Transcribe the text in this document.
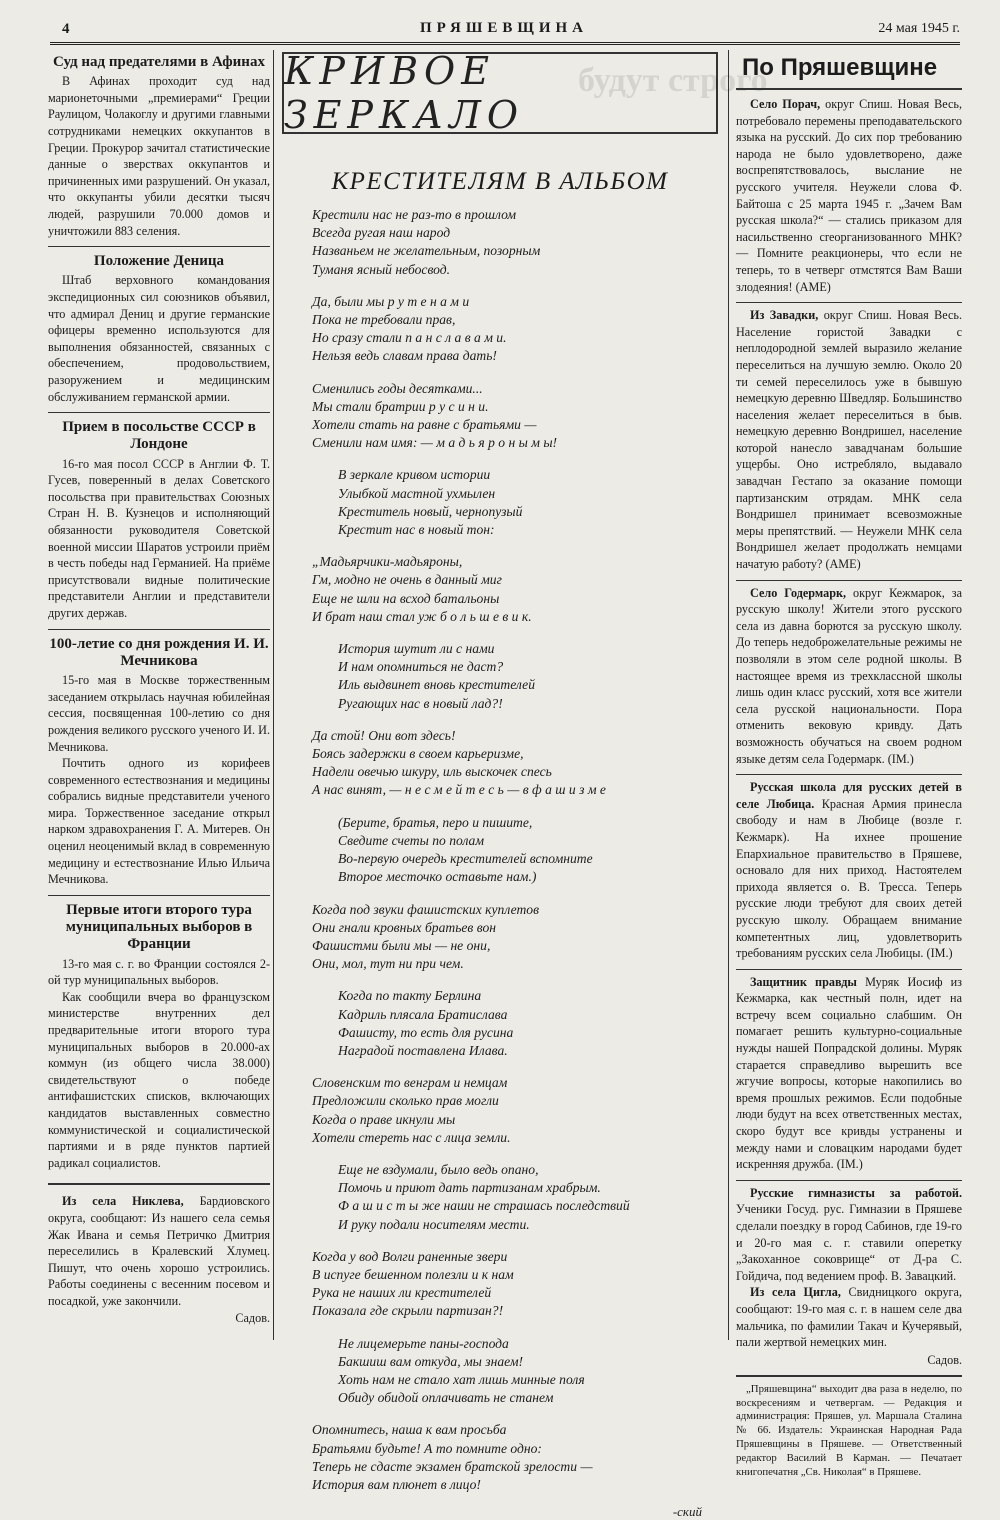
4	ПРЯШЕВЩИНА	24 мая 1945 г.
Суд над предателями в Афинах

В Афинах проходит суд над марионеточными „премиерами“ Греции Раулицом, Чолакоглу и другими главными сотрудниками немецких оккупантов в Греции. Прокурор зачитал статистические данные о зверствах оккупантов и причиненных ими разрушений. Он указал, что оккупанты убили десятки тысяч людей, разрушили 70.000 домов и уничтожили 883 селения.

Положение Деница

Штаб верховного командования экспедиционных сил союзников объявил, что адмирал Дениц и другие германские офицеры временно используются для выполнения обязанностей, связанных с обеспечением, продовольствием, разоружением и медицинским обслуживанием германской армии.

Прием в посольстве СССР в Лондоне

16-го мая посол СССР в Англии Ф. Т. Гусев, поверенный в делах Советского посольства при правительствах Союзных Стран Н. В. Кузнецов и исполняющий обязанности руководителя Советской военной миссии Шаратов устроили приём в честь победы над Германией. На приёме присутствовали видные политические представители Англии и представители других держав.

100-летие со дня рождения И. И. Мечникова

15-го мая в Москве торжественным заседанием открылась научная юбилейная сессия, посвященная 100-летию со дня рождения великого русского ученого И. И. Мечникова.

Почтить одного из корифеев современного естествознания и медицины собрались видные представители ученого мира. Торжественное заседание открыл нарком здравохранения Г. А. Митерев. Он оценил неоценимый вклад в современную медицину и естествознание Илью Ильича Мечникова.

Первые итоги второго тура муниципальных выборов в Франции

13-го мая с. г. во Франции состоялся 2-ой тур муниципальных выборов.

Как сообщили вчера во французском министерстве внутренних дел предварительные итоги второго тура муниципальных выборов в 20.000-ах коммун (из общего числа 38.000) свидетельствуют о победе антифашистских списков, включающих кандидатов выставленных совместно коммунистической и социалистической партиями и в ряде пунктов партией радикал социалистов.

Из села Никлева, Бардиовского округа, сообщают: Из нашего села семья Жак Ивана и семья Петричко Дмитрия переселились в Кралевский Хлумец. Пишут, что очень хорошо устроились. Работы соединены с весенним посевом и посадкой, уже закончили.

Садов.
будут строго
КРИВОЕ ЗЕРКАЛО
КРЕСТИТЕЛЯМ В АЛЬБОМ
Крестили нас не раз-то в прошлом
Всегда ругая наш народ
Названьем не желательным, позорным
Туманя ясный небосвод.
Да, были мы р у т е н а м и
Пока не требовали прав,
Но сразу стали п а н с л а в а м и.
Нельзя ведь славам права дать!
Сменились годы десятками...
Мы стали братрии р у с и н и.
Хотели стать на равне с братьями —
Сменили нам имя: — м а д ь я р о н ы м ы!
В зеркале кривом истории
Улыбкой мастной ухмылен
Креститель новый, чернопузый
Крестит нас в новый тон:
„Мадьярчики-мадьяроны,
Гм, модно не очень в данный миг
Еще не шли на всход батальоны
И брат наш стал уж б о л ь ш е в и к.
История шутит ли с нами
И нам опомниться не даст?
Иль выдвинет вновь крестителей
Ругающих нас в новый лад?!
Да стой! Они вот здесь!
Боясь задержки в своем карьеризме,
Надели овечью шкуру, иль выскочек спесь
А нас винят, — н е с м е й т е с ь — в ф а ш и з м е
(Берите, братья, перо и пишите,
Сведите счеты по полам
Во-первую очередь крестителей вспомните
Второе месточко оставьте нам.)
Когда под звуки фашистских куплетов
Они гнали кровных братьев вон
Фашистми были мы — не они,
Они, мол, тут ни при чем.
Когда по такту Берлина
Кадриль плясала Братислава
Фашисту, то есть для русина
Наградой поставлена Илава.
Словенским то венграм и немцам
Предложили сколько прав могли
Когда о праве икнули мы
Хотели стереть нас с лица земли.
Еще не вздумали, было ведь опано,
Помочь и приют дать партизанам храбрым.
Ф а ш и с т ы же наши не страшась последствий
И руку подали носителям мести.
Когда у вод Волги раненные звери
В испуге бешенном полезли и к нам
Рука не наших ли крестителей
Показала где скрыли партизан?!
Не лицемерьте паны-господа
Бакшиш вам откуда, мы знаем!
Хоть нам не стало хат лишь минные поля
Обиду обидой оплачивать не станем
Опомнитесь, наша к вам просьба
Братьями будьте! А то помните одно:
Теперь не сдасте экзамен братской зрелости —
История вам плюнет в лицо!
-ский
По Пряшевщине

Село Порач, округ Спиш. Новая Весь, потребовало перемены преподавательского языка на русский. До сих пор требованию народа не было удовлетворено, даже воспрепятствовалось, выслание не русского учителя. Неужели слова Ф. Байтоша с 25 марта 1945 г. „Зачем Вам русская школа?“ — стались приказом для насильственно сreoрганизованного МНК? — Помните реакционеры, что если не теперь, то в четверг отмстятся Вам Ваши злодеяния! (АМЕ)

Из Завадки, округ Спиш. Новая Весь. Население гористой Завадки с неплодородной землей выразило желание переселиться на лучшую землю. Около 20 ти семей переселилось уже в бывшую немецкую деревню Шведляр. Большинство населения желает переселиться в быв. немецкую деревню Вондришел, население которой нанесло завадчанам большие ущербы. Оно истребляло, выдавало завадчан Гестапо за оказание помощи партизанским отрядам. МНК села Вондришел принимает всевозможные меры препятствий. — Неужели МНК села Вондришел желает продолжать немцами начатую работу? (АМЕ)

Село Годермарк, округ Кежмарок, за русскую школу! Жители этого русского села из давна борются за русскую школу. До теперь недоброжелательные режимы не позволяли в этом селе родной школы. В настоящее время из трехклассной школы лишь один класс русский, хотя все жители села русской национальности. Пора отменить вековую кривду. Дать возможность обучаться на своем родном языке детям села Годермарк. (IM.)

Русская школа для русских детей в селе Любица. Красная Армия принесла свободу и нам в Любице (возле г. Кежмарк). На ихнее прошение Епархиальное правительство в Пряшеве, основало для них приход. Настоятелем прихода является о. В. Тресса. Теперь русские люди требуют для своих детей русскую школу. Обращаем внимание компетентных лиц, удовлетворить требованиям русских села Любицы. (IM.)

Защитник правды Муряк Иосиф из Кежмарка, как честный полн, идет на встречу всем социально слабшим. Он помагает решить культурно-социальные нужды нашей Попрадской долины. Муряк старается справедливо вырешить все жгучие вопросы, которые накопились во время прошлых режимов. Если подобные люди будут на всех ответственных местах, скоро будут все кривды устранены и между нами и словацким народами будет искренняя дружба. (IM.)

Русские гимназисты за работой. Ученики Госуд. рус. Гимназии в Пряшеве сделали поездку в город Сабинов, где 19-го и 20-го мая с. г. ставили оперетку „Закоханное соковрище“ от Д-ра С. Гойдича, под ведением проф. В. Завацкий.

Из села Цигла, Свидницкого округа, сообщают: 19-го мая с. г. в нашем селе два мальчика, по фамилии Такач и Кучерявый, пали жертвой немецких мин.

Садов.
„Пряшевщина“ выходит два раза в неделю, по воскресениям и четвергам. — Редакция и администрация: Пряшев, ул. Маршала Сталина № 66. Издатель: Украинская Народная Рада Пряшевщины в Пряшеве. — Ответственный редактор Василий В Карман. — Печатает книгопечатня „Св. Николая“ в Пряшеве.
